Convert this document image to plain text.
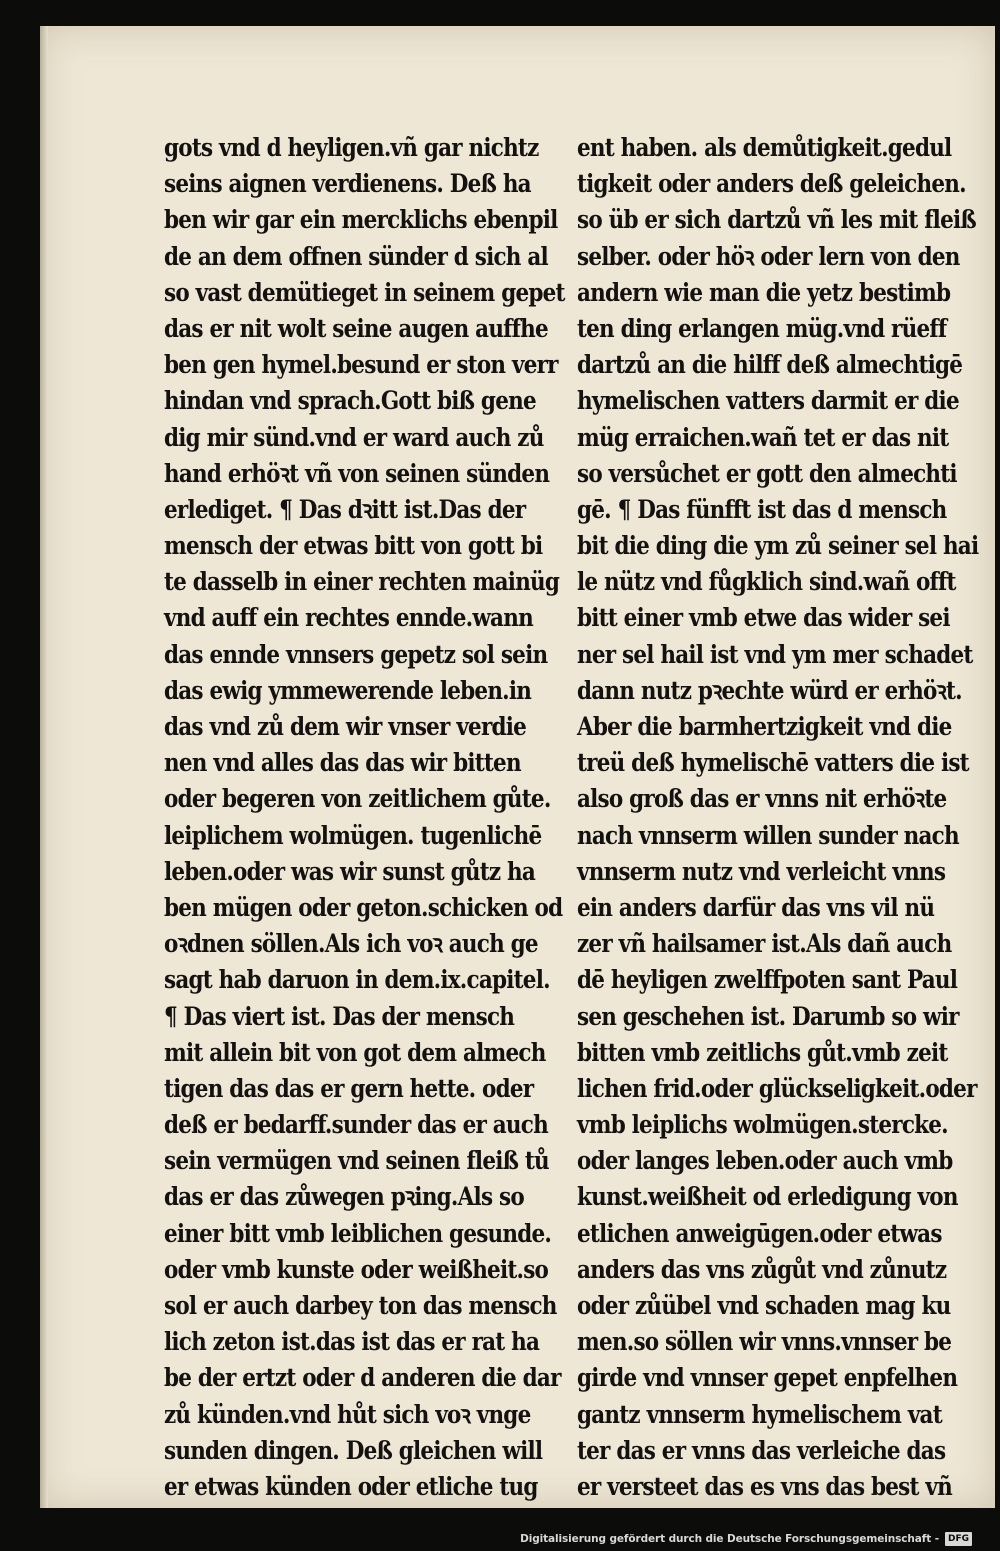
gots vnd d heyligen.vñ gar nichtz
seins aignen verdienens. Deß ha
ben wir gar ein mercklichs ebenpil
de an dem offnen sünder d sich al
so vast demütieget in seinem gepet
das er nit wolt seine augen auffhe
ben gen hymel.besund er ston verr
hindan vnd sprach.Gott biß gene
dig mir sünd.vnd er ward auch zů
hand erhöꝛt vñ von seinen sünden
erlediget. ¶ Das dꝛitt ist.Das der
mensch der etwas bitt von gott bi
te dasselb in einer rechten mainüg
vnd auff ein rechtes ennde.wann
das ennde vnnsers gepetz sol sein
das ewig ymmewerende leben.in
das vnd zů dem wir vnser verdie
nen vnd alles das das wir bitten
oder begeren von zeitlichem gůte.
leiplichem wolmügen. tugenlichē
leben.oder was wir sunst gůtz ha
ben mügen oder geton.schicken od
oꝛdnen söllen.Als ich voꝛ auch ge
sagt hab daruon in dem.ix.capitel.
¶ Das viert ist. Das der mensch
mit allein bit von got dem almech
tigen das das er gern hette. oder
deß er bedarff.sunder das er auch
sein vermügen vnd seinen fleiß tů
das er das zůwegen pꝛing.Als so
einer bitt vmb leiblichen gesunde.
oder vmb kunste oder weißheit.so
sol er auch darbey ton das mensch
lich zeton ist.das ist das er rat ha
be der ertzt oder d anderen die dar
zů künden.vnd hůt sich voꝛ vnge
sunden dingen. Deß gleichen will
er etwas künden oder etliche tug
ent haben. als demůtigkeit.gedul
tigkeit oder anders deß geleichen.
so üb er sich dartzů vñ les mit fleiß
selber. oder höꝛ oder lern von den
andern wie man die yetz bestimb
ten ding erlangen müg.vnd rüeff
dartzů an die hilff deß almechtigē
hymelischen vatters darmit er die
müg erraichen.wañ tet er das nit
so versůchet er gott den almechti
gē. ¶ Das fünfft ist das d mensch
bit die ding die ym zů seiner sel hai
le nütz vnd fůgklich sind.wañ offt
bitt einer vmb etwe das wider sei
ner sel hail ist vnd ym mer schadet
dann nutz pꝛechte würd er erhöꝛt.
Aber die barmhertzigkeit vnd die
treü deß hymelischē vatters die ist
also groß das er vnns nit erhöꝛte
nach vnnserm willen sunder nach
vnnserm nutz vnd verleicht vnns
ein anders darfür das vns vil nü
zer vñ hailsamer ist.Als dañ auch
dē heyligen zwelffpoten sant Paul
sen geschehen ist. Darumb so wir
bitten vmb zeitlichs gůt.vmb zeit
lichen frid.oder glückseligkeit.oder
vmb leiplichs wolmügen.stercke.
oder langes leben.oder auch vmb
kunst.weißheit od erledigung von
etlichen anweigūgen.oder etwas
anders das vns zůgůt vnd zůnutz
oder zůübel vnd schaden mag ku
men.so söllen wir vnns.vnnser be
girde vnd vnnser gepet enpfelhen
gantz vnnserm hymelischem vat
ter das er vnns das verleiche das
er versteet das es vns das best vñ
Digitalisierung gefördert durch die Deutsche Forschungsgemeinschaft -	DFG
